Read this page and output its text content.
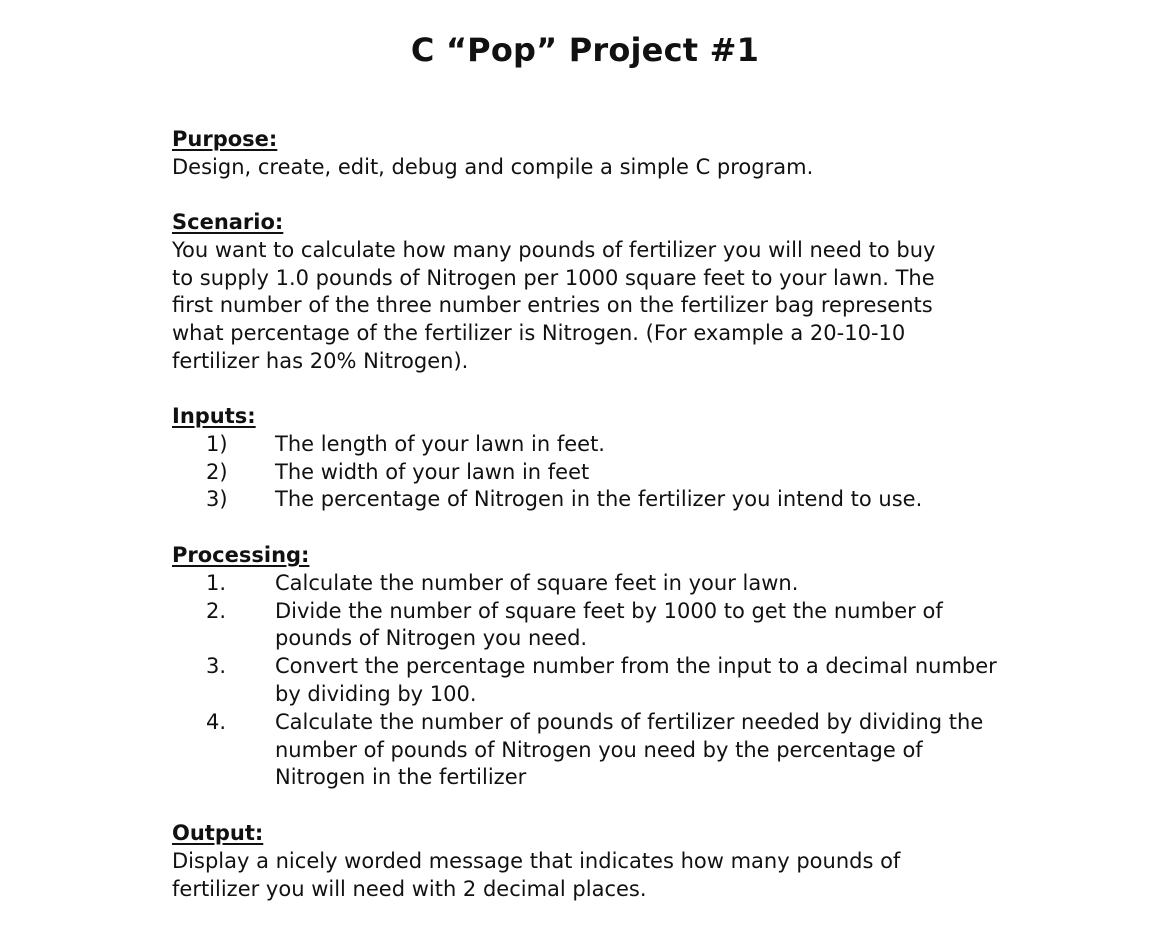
C “Pop” Project #1
Purpose:
Design, create, edit, debug and compile a simple C program.
Scenario:
You want to calculate how many pounds of fertilizer you will need to buy to supply 1.0 pounds of Nitrogen per 1000 square feet to your lawn. The first number of the three number entries on the fertilizer bag represents what percentage of the fertilizer is Nitrogen. (For example a 20-10-10 fertilizer has 20% Nitrogen).
Inputs:
1)	The length of your lawn in feet.
2)	The width of your lawn in feet
3)	The percentage of Nitrogen in the fertilizer you intend to use.
Processing:
1.	Calculate the number of square feet in your lawn.
2.	Divide the number of square feet by 1000 to get the number of pounds of Nitrogen you need.
3.	Convert the percentage number from the input to a decimal number by dividing by 100.
4.	Calculate the number of pounds of fertilizer needed by dividing the number of pounds of Nitrogen you need by the percentage of Nitrogen in the fertilizer
Output:
Display a nicely worded message that indicates how many pounds of fertilizer you will need with 2 decimal places.
